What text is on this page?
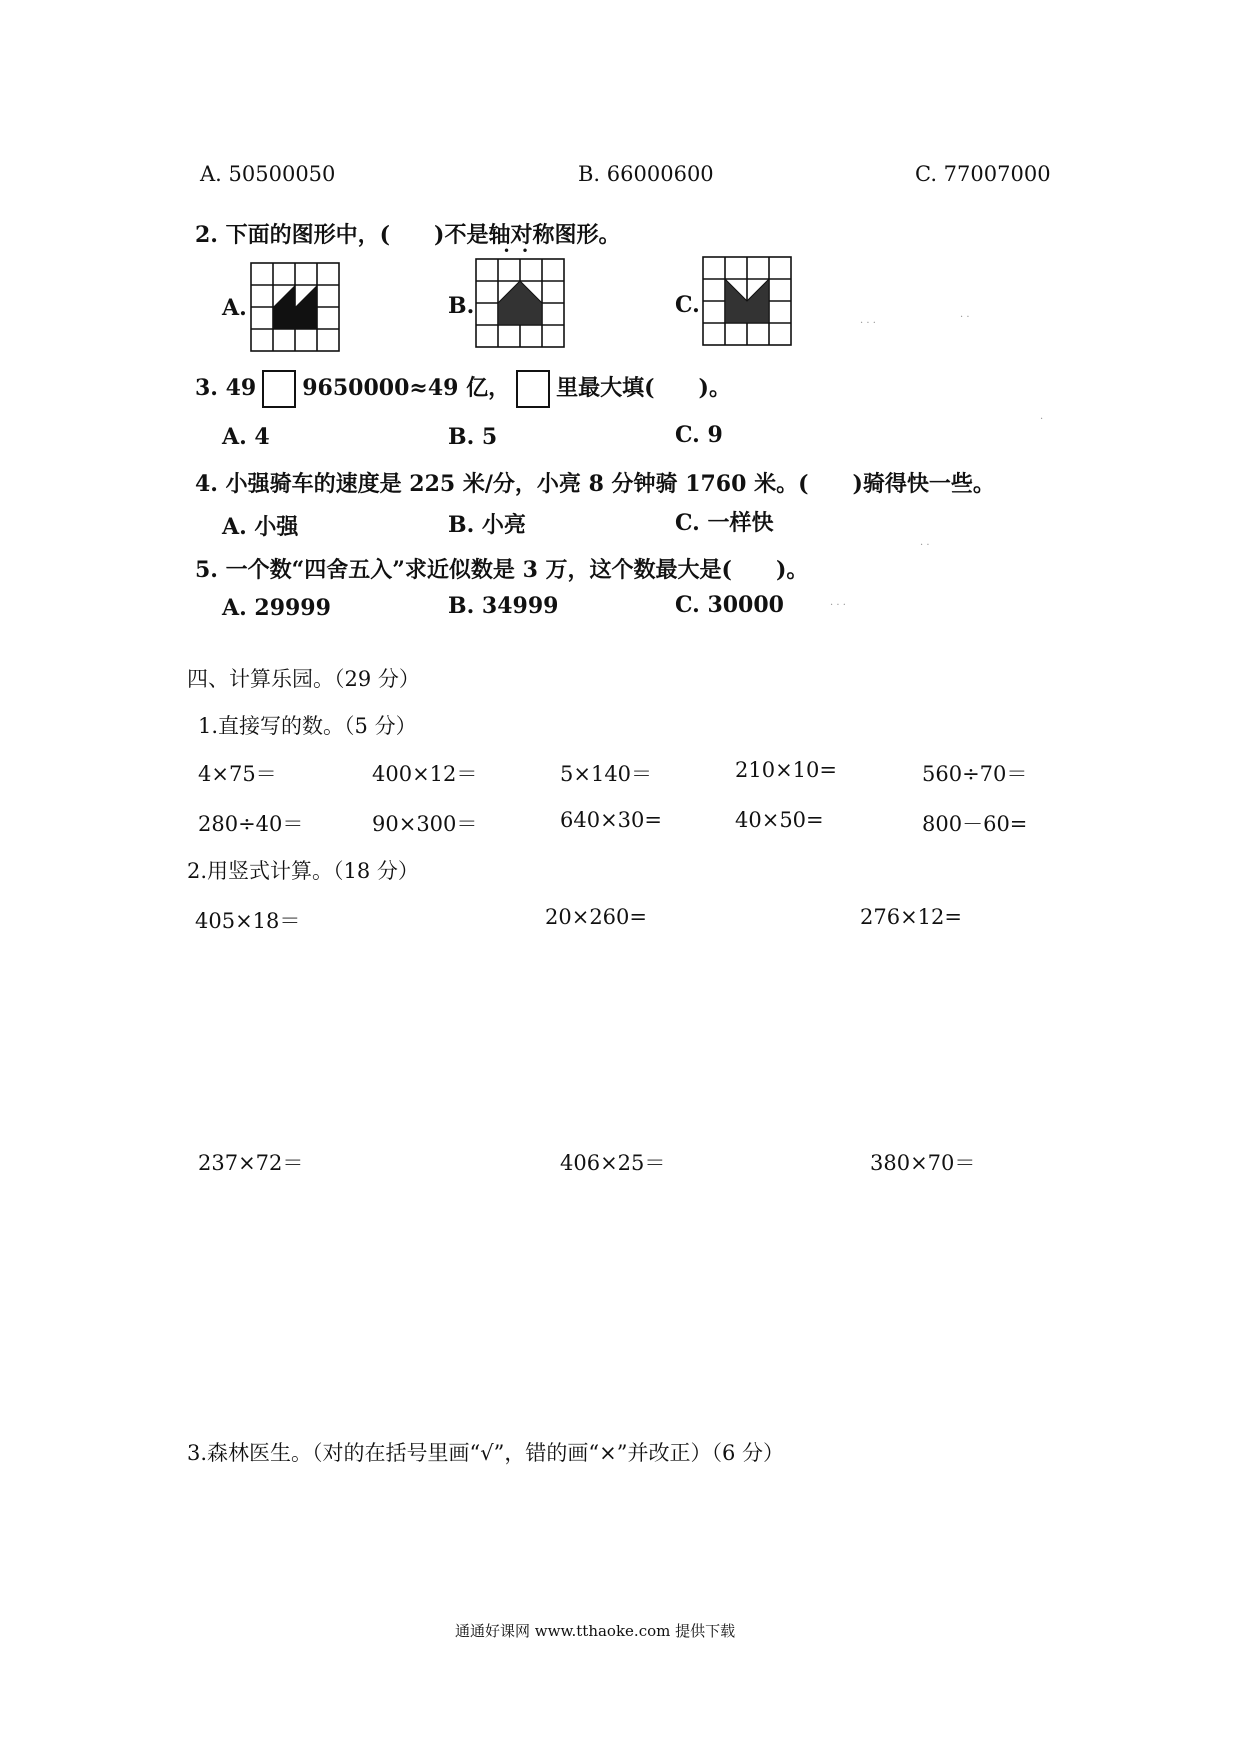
A. 50500050	B. 66000600	C. 77007000
2. 下面的图形中，(　　)不是轴对称图形。
A.	B.
•   •
C.
3. 49 9650000≈49 亿， 里最大填(　　)。
A. 4	B. 5	C. 9
4. 小强骑车的速度是 225 米/分，小亮 8 分钟骑 1760 米。(　　)骑得快一些。
A. 小强	B. 小亮	C. 一样快
5. 一个数“四舍五入”求近似数是 3 万，这个数最大是(　　)。
A. 29999	B. 34999	C. 30000
四、计算乐园。（29 分）
1.直接写的数。（5 分）
4×75＝	400×12＝	5×140＝	210×10=	560÷70＝
280÷40＝	90×300＝	640×30=	40×50=	800－60=
2.用竖式计算。（18 分）
405×18＝	20×260=	276×12=
237×72＝	406×25＝	380×70＝
3.森林医生。（对的在括号里画“√”，错的画“×”并改正）（6 分）
通通好课网 www.tthaoke.com 提供下载
· · ·
· ·
·
· ·
· · ·
